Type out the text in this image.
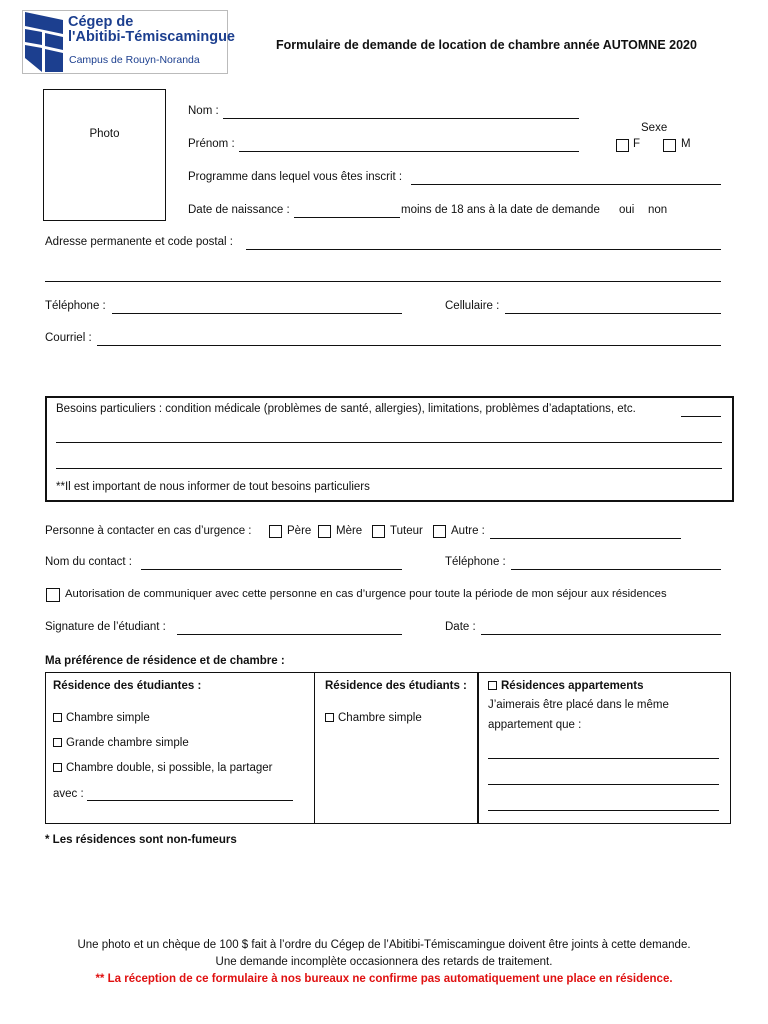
Cégep de
l'Abitibi-Témiscamingue
Campus de Rouyn-Noranda
Formulaire de demande de location de chambre année AUTOMNE 2020
Photo
Nom :
Prénom :
Sexe
F	M
Programme dans lequel vous êtes inscrit :
Date de naissance :	moins de 18 ans à la date de demande oui non
Adresse permanente et code postal :
Téléphone :	Cellulaire :
Courriel :
Besoins particuliers : condition médicale (problèmes de santé, allergies), limitations, problèmes d’adaptations, etc.
**Il est important de nous informer de tout besoins particuliers
Personne à contacter en cas d’urgence :	Père Mère Tuteur Autre :
Nom du contact :	Téléphone :
Autorisation de communiquer avec cette personne en cas d’urgence pour toute la période de mon séjour aux résidences
Signature de l’étudiant :	Date :
Ma préférence de résidence et de chambre :
Résidence des étudiantes :
Chambre simple
Grande chambre simple
Chambre double, si possible, la partager
avec :
Résidence des étudiants :
Chambre simple
Résidences appartements
J’aimerais être placé dans le même
appartement que :
* Les résidences sont non-fumeurs
Une photo et un chèque de 100 $ fait à l’ordre du Cégep de l’Abitibi-Témiscamingue doivent être joints à cette demande.
Une demande incomplète occasionnera des retards de traitement.
** La réception de ce formulaire à nos bureaux ne confirme pas automatiquement une place en résidence.
